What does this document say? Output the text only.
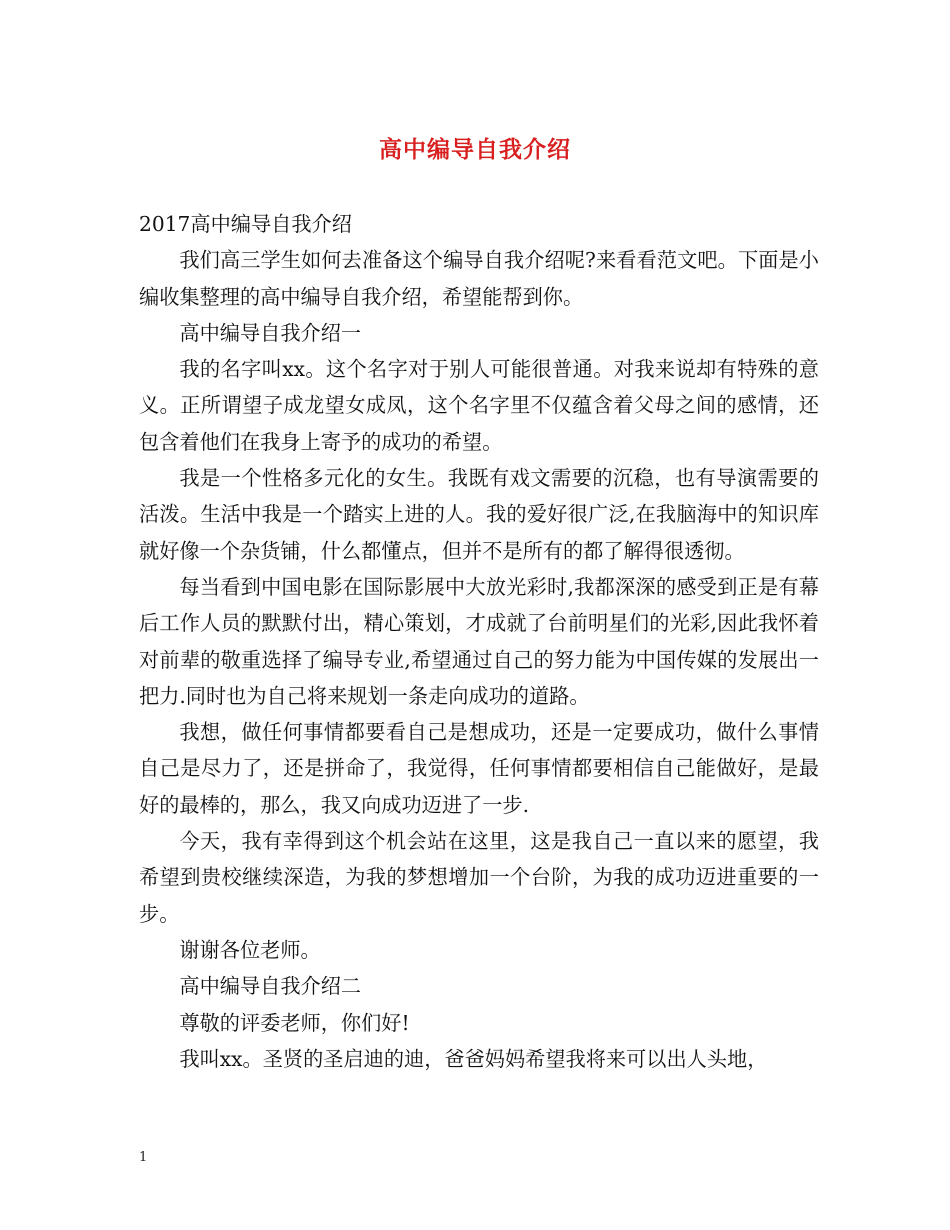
高中编导自我介绍

2017高中编导自我介绍

我们高三学生如何去准备这个编导自我介绍呢?来看看范文吧。下面是小编收集整理的高中编导自我介绍，希望能帮到你。

高中编导自我介绍一

我的名字叫xx。这个名字对于别人可能很普通。对我来说却有特殊的意义。正所谓望子成龙望女成凤，这个名字里不仅蕴含着父母之间的感情，还包含着他们在我身上寄予的成功的希望。

我是一个性格多元化的女生。我既有戏文需要的沉稳，也有导演需要的活泼。生活中我是一个踏实上进的人。我的爱好很广泛,在我脑海中的知识库就好像一个杂货铺，什么都懂点，但并不是所有的都了解得很透彻。

每当看到中国电影在国际影展中大放光彩时,我都深深的感受到正是有幕后工作人员的默默付出，精心策划，才成就了台前明星们的光彩,因此我怀着对前辈的敬重选择了编导专业,希望通过自己的努力能为中国传媒的发展出一把力.同时也为自己将来规划一条走向成功的道路。

我想，做任何事情都要看自己是想成功，还是一定要成功，做什么事情自己是尽力了，还是拼命了，我觉得，任何事情都要相信自己能做好，是最好的最棒的，那么，我又向成功迈进了一步.

今天，我有幸得到这个机会站在这里，这是我自己一直以来的愿望，我希望到贵校继续深造，为我的梦想增加一个台阶，为我的成功迈进重要的一步。

谢谢各位老师。

高中编导自我介绍二

尊敬的评委老师，你们好!

我叫xx。圣贤的圣启迪的迪，爸爸妈妈希望我将来可以出人头地，

1
